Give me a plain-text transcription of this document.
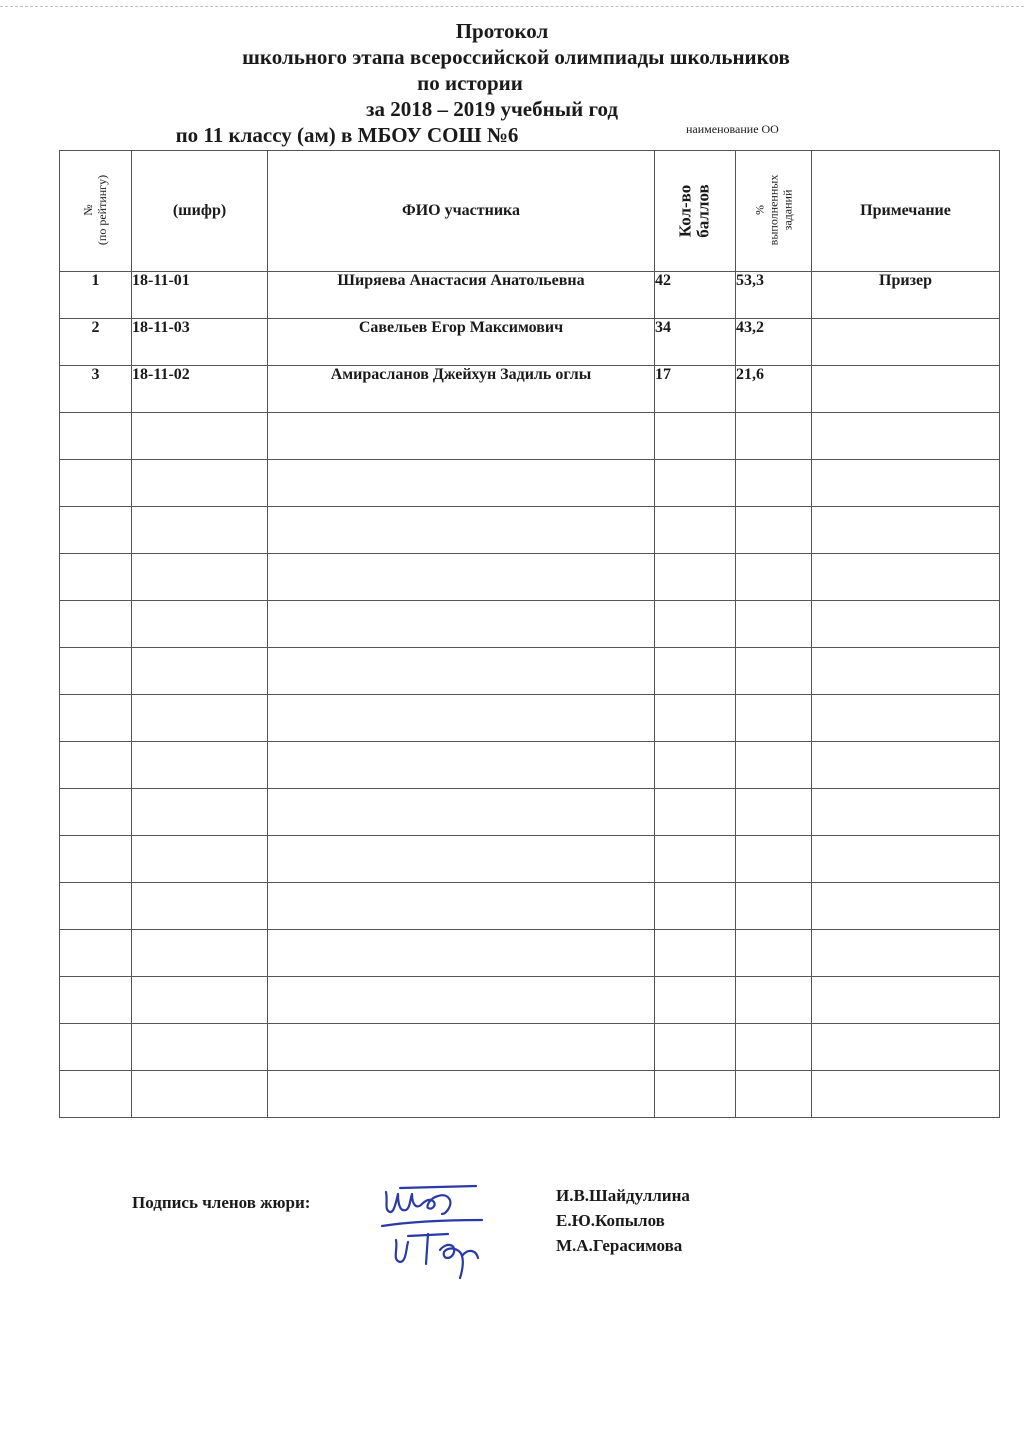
Протокол
школьного этапа всероссийской олимпиады школьников
по истории
за 2018 – 2019 учебный год
по 11 классу (ам) в МБОУ СОШ №6	наименование ОО
№ (по рейтингу)	(шифр)	ФИО участника	Кол-во баллов	% выполненных заданий	Примечание
1	18-11-01	Ширяева Анастасия Анатольевна	42	53,3	Призер
2	18-11-03	Савельев Егор Максимович	34	43,2	
3	18-11-02	Амирасланов Джейхун Задиль оглы	17	21,6	

Подпись членов жюри:	И.В.Шайдуллина
Е.Ю.Копылов
М.А.Герасимова
